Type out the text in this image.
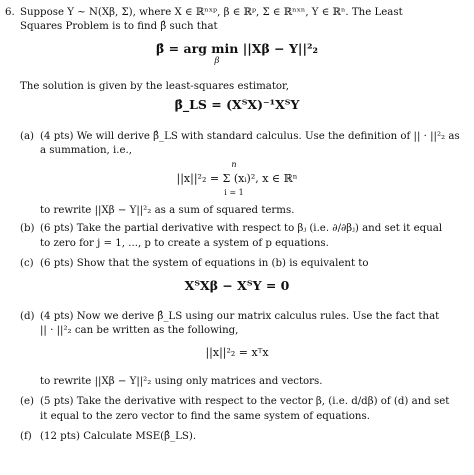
6. Suppose Y ~ N(Xβ, Σ), where X ∈ ℝⁿˣᵖ, β ∈ ℝᵖ, Σ ∈ ℝⁿˣⁿ, Y ∈ ℝⁿ. The Least
Squares Problem is to find β̂ such that
β̂ = arg min ||Xβ − Y||²₂
β
The solution is given by the least-squares estimator,
β̂_LS = (XᵀX)⁻¹XᵀY
(a) (4 pts) We will derive β̂_LS with standard calculus. Use the definition of || · ||²₂ as
a summation, i.e.,
n
||x||²₂ = Σ (xᵢ)², x ∈ ℝⁿ
i = 1
to rewrite ||Xβ − Y||²₂ as a sum of squared terms.
(b) (6 pts) Take the partial derivative with respect to βⱼ (i.e. ∂/∂βⱼ) and set it equal
to zero for j = 1, ..., p to create a system of p equations.
(c) (6 pts) Show that the system of equations in (b) is equivalent to
XᵀXβ − XᵀY = 0
(d) (4 pts) Now we derive β̂_LS using our matrix calculus rules. Use the fact that
|| · ||²₂ can be written as the following,
||x||²₂ = xᵀx
to rewrite ||Xβ − Y||²₂ using only matrices and vectors.
(e) (5 pts) Take the derivative with respect to the vector β, (i.e. d/dβ) of (d) and set
it equal to the zero vector to find the same system of equations.
(f) (12 pts) Calculate MSE(β̂_LS).
